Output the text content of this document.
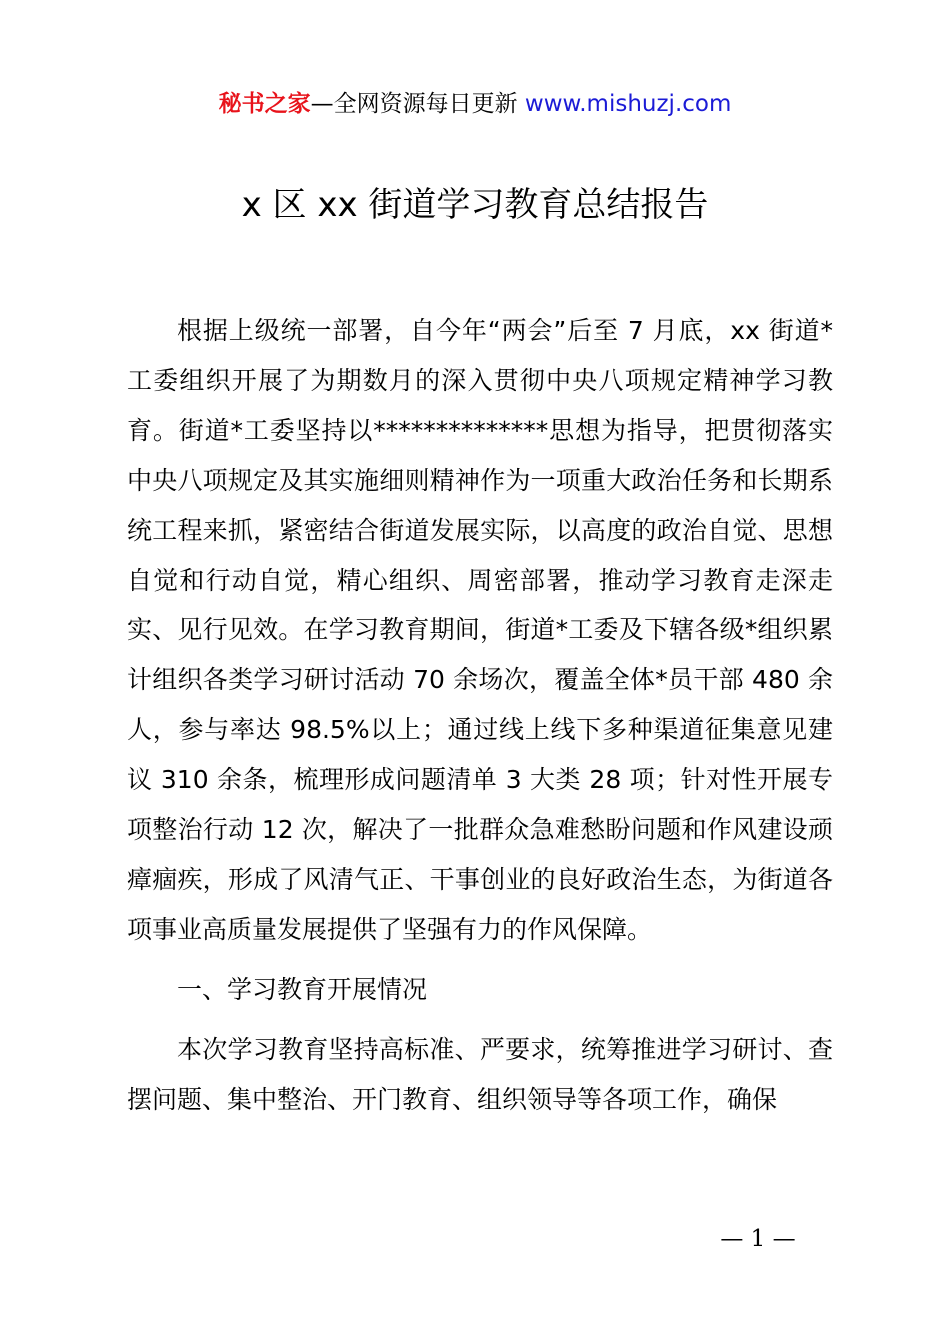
秘书之家—全网资源每日更新 www.mishuzj.com
x 区 xx 街道学习教育总结报告

根据上级统一部署，自今年“两会”后至 7 月底，xx 街道*工委组织开展了为期数月的深入贯彻中央八项规定精神学习教育。街道*工委坚持以**************思想为指导，把贯彻落实中央八项规定及其实施细则精神作为一项重大政治任务和长期系统工程来抓，紧密结合街道发展实际，以高度的政治自觉、思想自觉和行动自觉，精心组织、周密部署，推动学习教育走深走实、见行见效。在学习教育期间，街道*工委及下辖各级*组织累计组织各类学习研讨活动 70 余场次，覆盖全体*员干部 480 余人，参与率达 98.5%以上；通过线上线下多种渠道征集意见建议 310 余条，梳理形成问题清单 3 大类 28 项；针对性开展专项整治行动 12 次，解决了一批群众急难愁盼问题和作风建设顽瘴痼疾，形成了风清气正、干事创业的良好政治生态，为街道各项事业高质量发展提供了坚强有力的作风保障。

一、学习教育开展情况

本次学习教育坚持高标准、严要求，统筹推进学习研讨、查摆问题、集中整治、开门教育、组织领导等各项工作，确保

— 1 —
